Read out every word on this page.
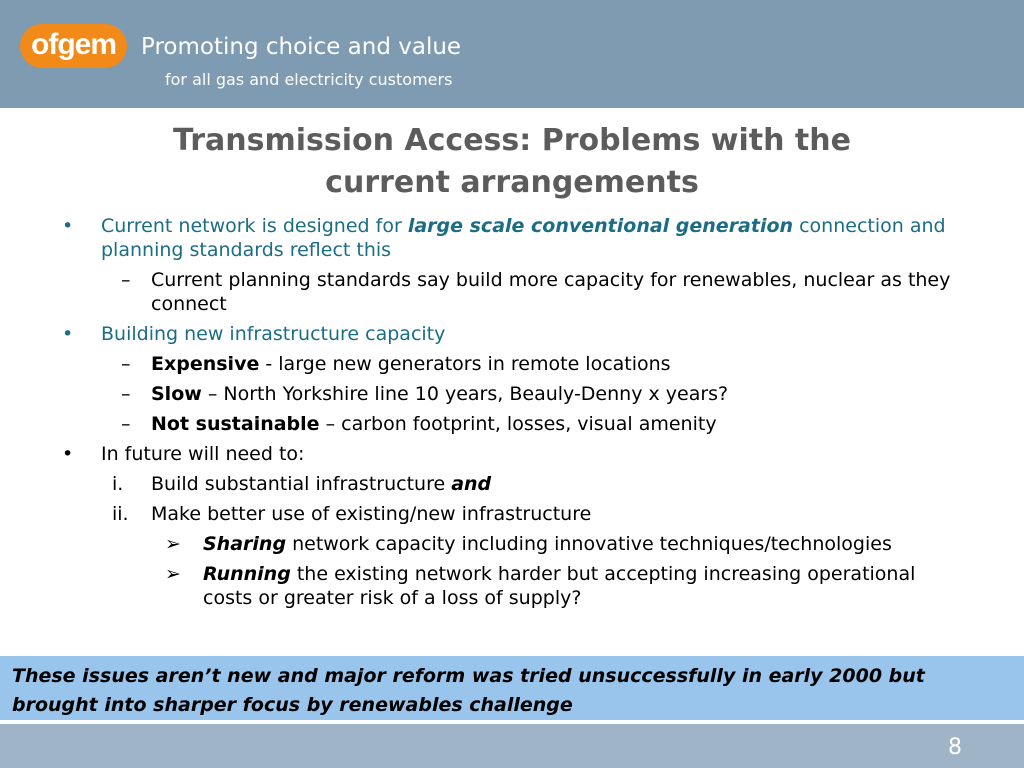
ofgem	Promoting choice and value
for all gas and electricity customers
Transmission Access: Problems with the
current arrangements
• Current network is designed for large scale conventional generation connection and planning standards reflect this
– Current planning standards say build more capacity for renewables, nuclear as they connect
• Building new infrastructure capacity
– Expensive - large new generators in remote locations
– Slow – North Yorkshire line 10 years, Beauly-Denny x years?
– Not sustainable – carbon footprint, losses, visual amenity
• In future will need to:
i. Build substantial infrastructure and
ii. Make better use of existing/new infrastructure
➢ Sharing network capacity including innovative techniques/technologies
➢ Running the existing network harder but accepting increasing operational costs or greater risk of a loss of supply?
These issues aren’t new and major reform was tried unsuccessfully in early 2000 but brought into sharper focus by renewables challenge
8
